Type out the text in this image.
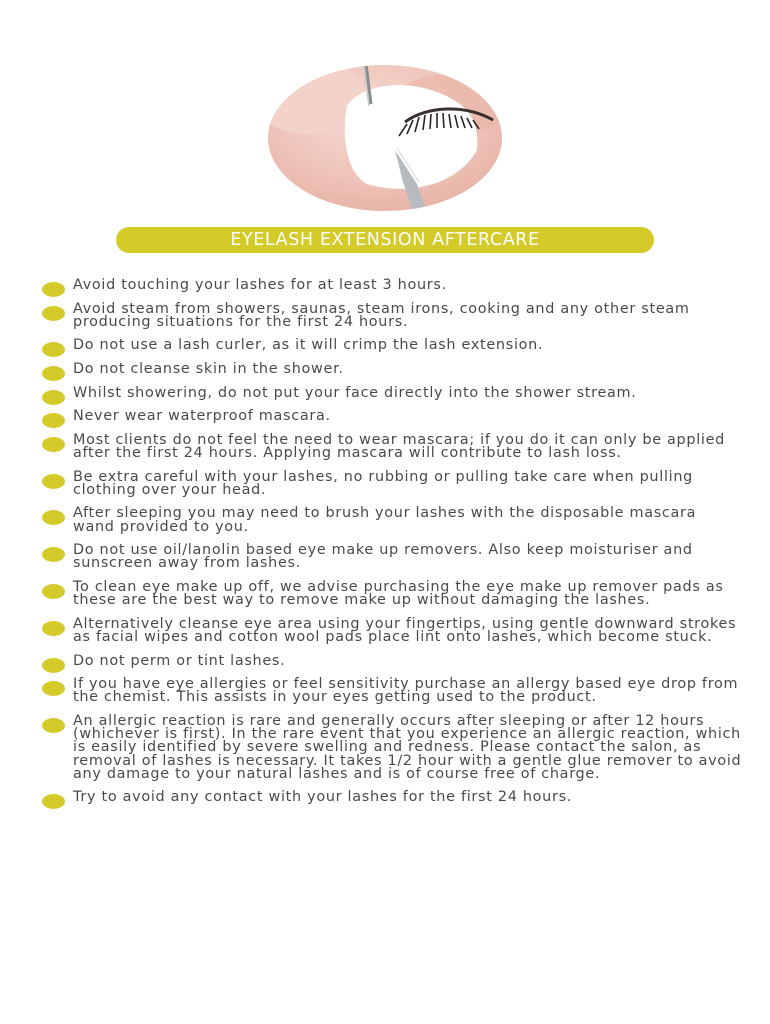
EYELASH EXTENSION AFTERCARE
Avoid touching your lashes for at least 3 hours.
Avoid steam from showers, saunas, steam irons, cooking and any other steam producing situations for the first 24 hours.
Do not use a lash curler, as it will crimp the lash extension.
Do not cleanse skin in the shower.
Whilst showering, do not put your face directly into the shower stream.
Never wear waterproof mascara.
Most clients do not feel the need to wear mascara; if you do it can only be applied after the first 24 hours. Applying mascara will contribute to lash loss.
Be extra careful with your lashes, no rubbing or pulling take care when pulling clothing over your head.
After sleeping you may need to brush your lashes with the disposable mascara wand provided to you.
Do not use oil/lanolin based eye make up removers. Also keep moisturiser and sunscreen away from lashes.
To clean eye make up off, we advise purchasing the eye make up remover pads as these are the best way to remove make up without damaging the lashes.
Alternatively cleanse eye area using your fingertips, using gentle downward strokes as facial wipes and cotton wool pads place lint onto lashes, which become stuck.
Do not perm or tint lashes.
If you have eye allergies or feel sensitivity purchase an allergy based eye drop from the chemist. This assists in your eyes getting used to the product.
An allergic reaction is rare and generally occurs after sleeping or after 12 hours (whichever is first). In the rare event that you experience an allergic reaction, which is easily identified by severe swelling and redness. Please contact the salon, as removal of lashes is necessary. It takes 1/2 hour with a gentle glue remover to avoid any damage to your natural lashes and is of course free of charge.
Try to avoid any contact with your lashes for the first 24 hours.
